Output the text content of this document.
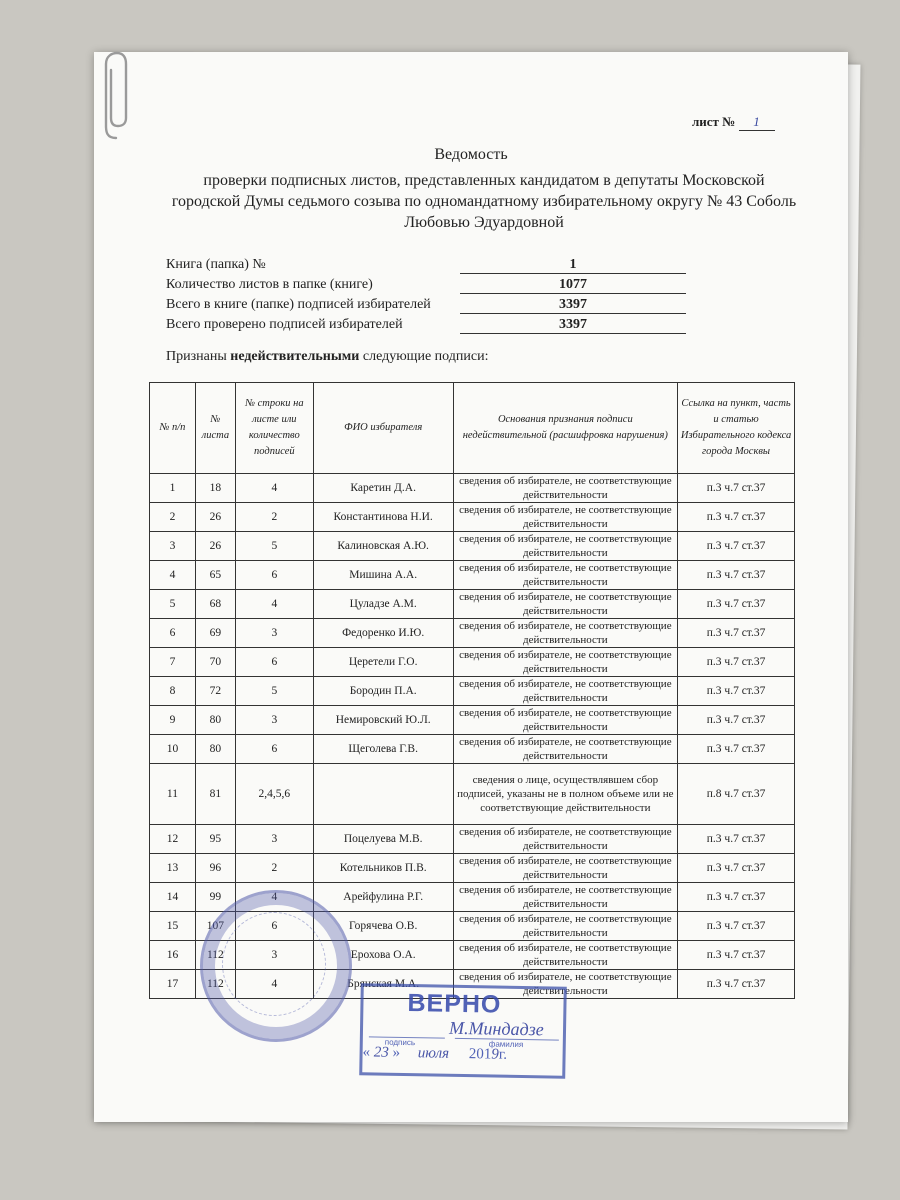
лист № 1
Ведомость
проверки подписных листов, представленных кандидатом в депутаты Московской городской Думы седьмого созыва по одномандатному избирательному округу № 43 Соболь Любовью Эдуардовной
Книга (папка) №	1
Количество листов в папке (книге)	1077
Всего в книге (папке) подписей избирателей	3397
Всего проверено подписей избирателей	3397
Признаны недействительными следующие подписи:
№ п/п	№ листа	№ строки на листе или количество подписей	ФИО избирателя	Основания признания подписи недействительной (расшифровка нарушения)	Ссылка на пункт, часть и статью Избирательного кодекса города Москвы
1	18	4	Каретин Д.А.	сведения об избирателе, не соответствующие действительности	п.3 ч.7 ст.37
2	26	2	Константинова Н.И.	сведения об избирателе, не соответствующие действительности	п.3 ч.7 ст.37
3	26	5	Калиновская А.Ю.	сведения об избирателе, не соответствующие действительности	п.3 ч.7 ст.37
4	65	6	Мишина А.А.	сведения об избирателе, не соответствующие действительности	п.3 ч.7 ст.37
5	68	4	Цуладзе А.М.	сведения об избирателе, не соответствующие действительности	п.3 ч.7 ст.37
6	69	3	Федоренко И.Ю.	сведения об избирателе, не соответствующие действительности	п.3 ч.7 ст.37
7	70	6	Церетели Г.О.	сведения об избирателе, не соответствующие действительности	п.3 ч.7 ст.37
8	72	5	Бородин П.А.	сведения об избирателе, не соответствующие действительности	п.3 ч.7 ст.37
9	80	3	Немировский Ю.Л.	сведения об избирателе, не соответствующие действительности	п.3 ч.7 ст.37
10	80	6	Щеголева Г.В.	сведения об избирателе, не соответствующие действительности	п.3 ч.7 ст.37
11	81	2,4,5,6		сведения о лице, осуществлявшем сбор подписей, указаны не в полном объеме или не соответствующие действительности	п.8 ч.7 ст.37
12	95	3	Поцелуева М.В.	сведения об избирателе, не соответствующие действительности	п.3 ч.7 ст.37
13	96	2	Котельников П.В.	сведения об избирателе, не соответствующие действительности	п.3 ч.7 ст.37
14	99	4	Арейфулина Р.Г.	сведения об избирателе, не соответствующие действительности	п.3 ч.7 ст.37
15	107	6	Горячева О.В.	сведения об избирателе, не соответствующие действительности	п.3 ч.7 ст.37
16	112	3	Ерохова О.А.	сведения об избирателе, не соответствующие действительности	п.3 ч.7 ст.37
17	112	4	Брянская М.А.	сведения об избирателе, не соответствующие действительности	п.3 ч.7 ст.37
ВЕРНО
М.Миндадзе
подпись	фамилия
« 23 » июля 2019г.
